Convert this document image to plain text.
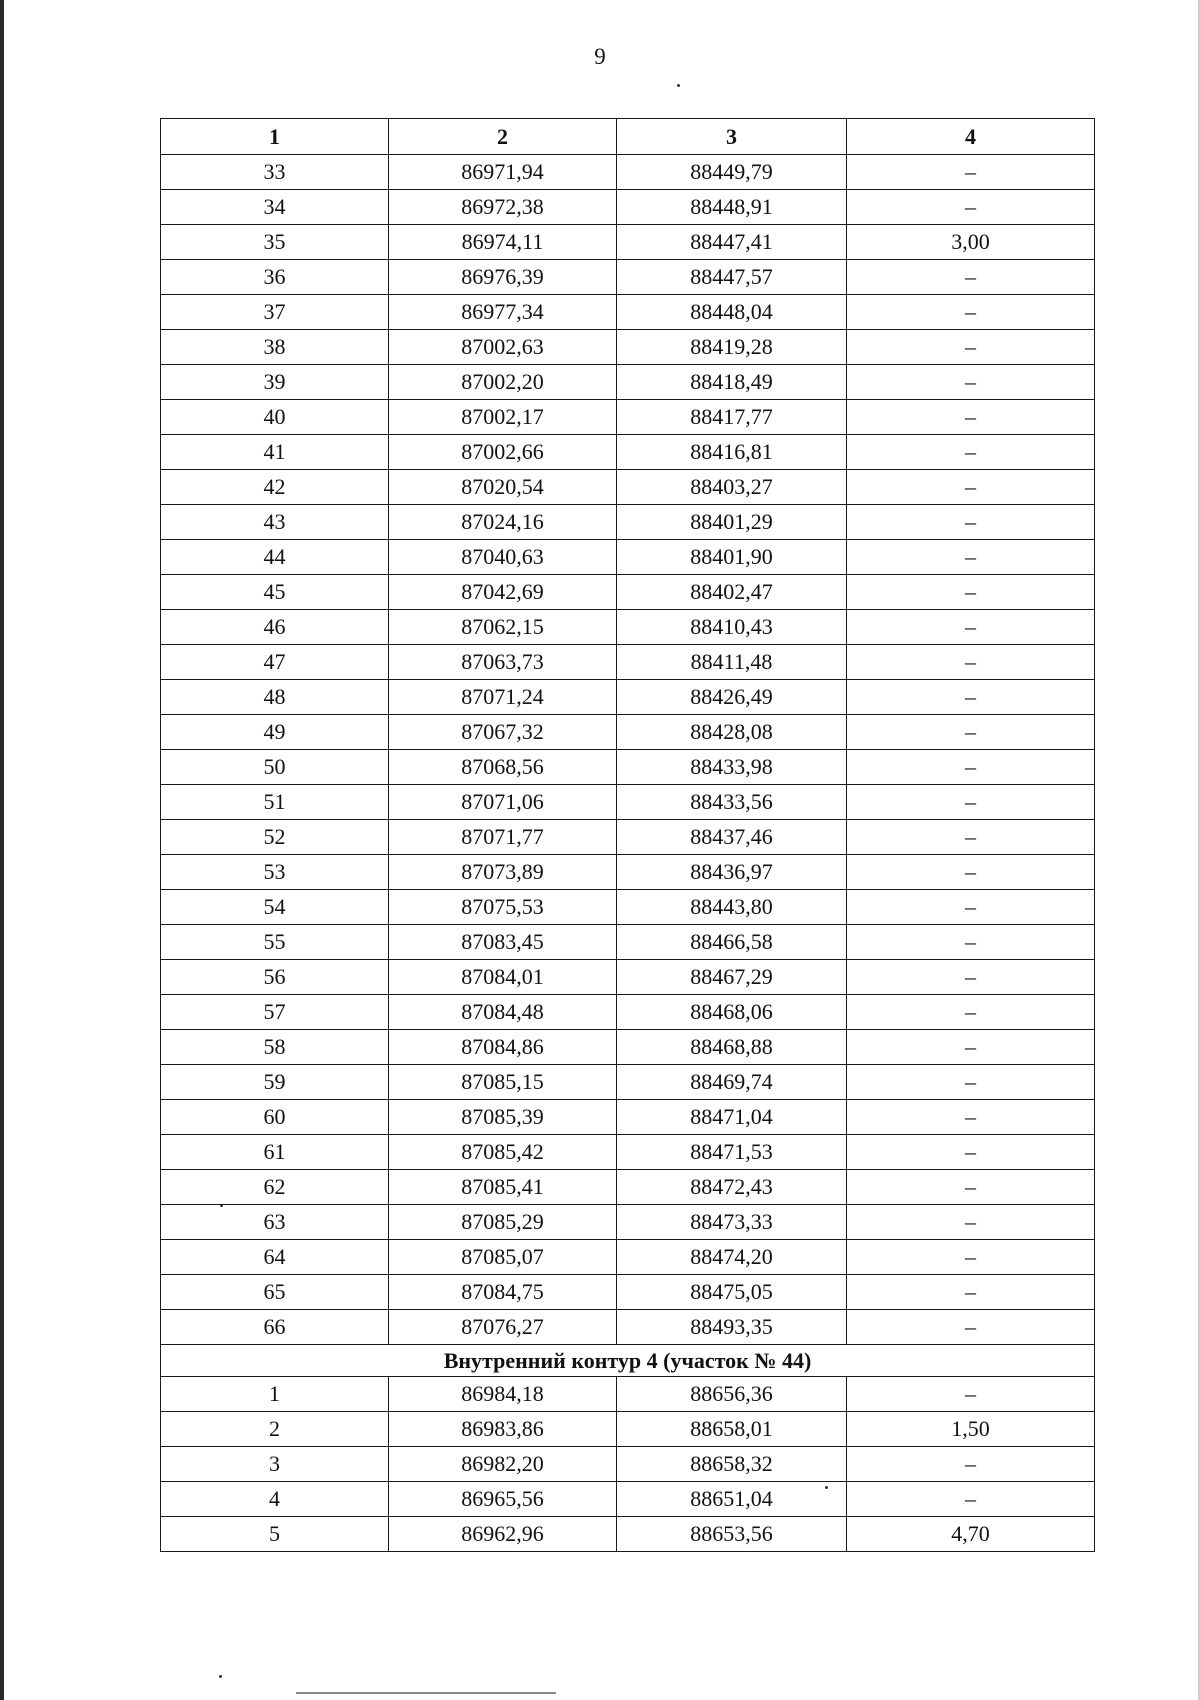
9
1	2	3	4
33	86971,94	88449,79	–
34	86972,38	88448,91	–
35	86974,11	88447,41	3,00
36	86976,39	88447,57	–
37	86977,34	88448,04	–
38	87002,63	88419,28	–
39	87002,20	88418,49	–
40	87002,17	88417,77	–
41	87002,66	88416,81	–
42	87020,54	88403,27	–
43	87024,16	88401,29	–
44	87040,63	88401,90	–
45	87042,69	88402,47	–
46	87062,15	88410,43	–
47	87063,73	88411,48	–
48	87071,24	88426,49	–
49	87067,32	88428,08	–
50	87068,56	88433,98	–
51	87071,06	88433,56	–
52	87071,77	88437,46	–
53	87073,89	88436,97	–
54	87075,53	88443,80	–
55	87083,45	88466,58	–
56	87084,01	88467,29	–
57	87084,48	88468,06	–
58	87084,86	88468,88	–
59	87085,15	88469,74	–
60	87085,39	88471,04	–
61	87085,42	88471,53	–
62	87085,41	88472,43	–
63	87085,29	88473,33	–
64	87085,07	88474,20	–
65	87084,75	88475,05	–
66	87076,27	88493,35	–
Внутренний контур 4 (участок № 44)			
1	86984,18	88656,36	–
2	86983,86	88658,01	1,50
3	86982,20	88658,32	–
4	86965,56	88651,04	–
5	86962,96	88653,56	4,70
